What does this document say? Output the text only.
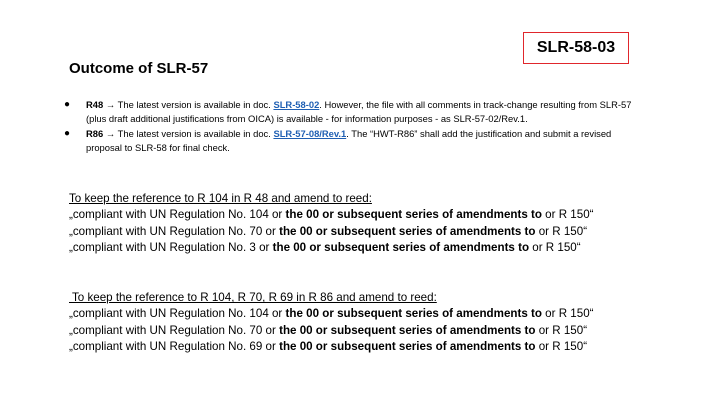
SLR-58-03
Outcome of SLR-57
● R48 → The latest version is available in doc. SLR-58-02. However, the file with all comments in track-change resulting from SLR-57 (plus draft additional justifications from OICA) is available - for information purposes - as SLR-57-02/Rev.1.
● R86 → The latest version is available in doc. SLR-57-08/Rev.1. The “HWT-R86” shall add the justification and submit a revised proposal to SLR-58 for final check.
To keep the reference to R 104 in R 48 and amend to reed:
„compliant with UN Regulation No. 104 or the 00 or subsequent series of amendments to or R 150“
„compliant with UN Regulation No. 70 or the 00 or subsequent series of amendments to or R 150“
„compliant with UN Regulation No. 3 or the 00 or subsequent series of amendments to or R 150“
To keep the reference to R 104, R 70, R 69 in R 86 and amend to reed:
„compliant with UN Regulation No. 104 or the 00 or subsequent series of amendments to or R 150“
„compliant with UN Regulation No. 70 or the 00 or subsequent series of amendments to or R 150“
„compliant with UN Regulation No. 69 or the 00 or subsequent series of amendments to or R 150“
